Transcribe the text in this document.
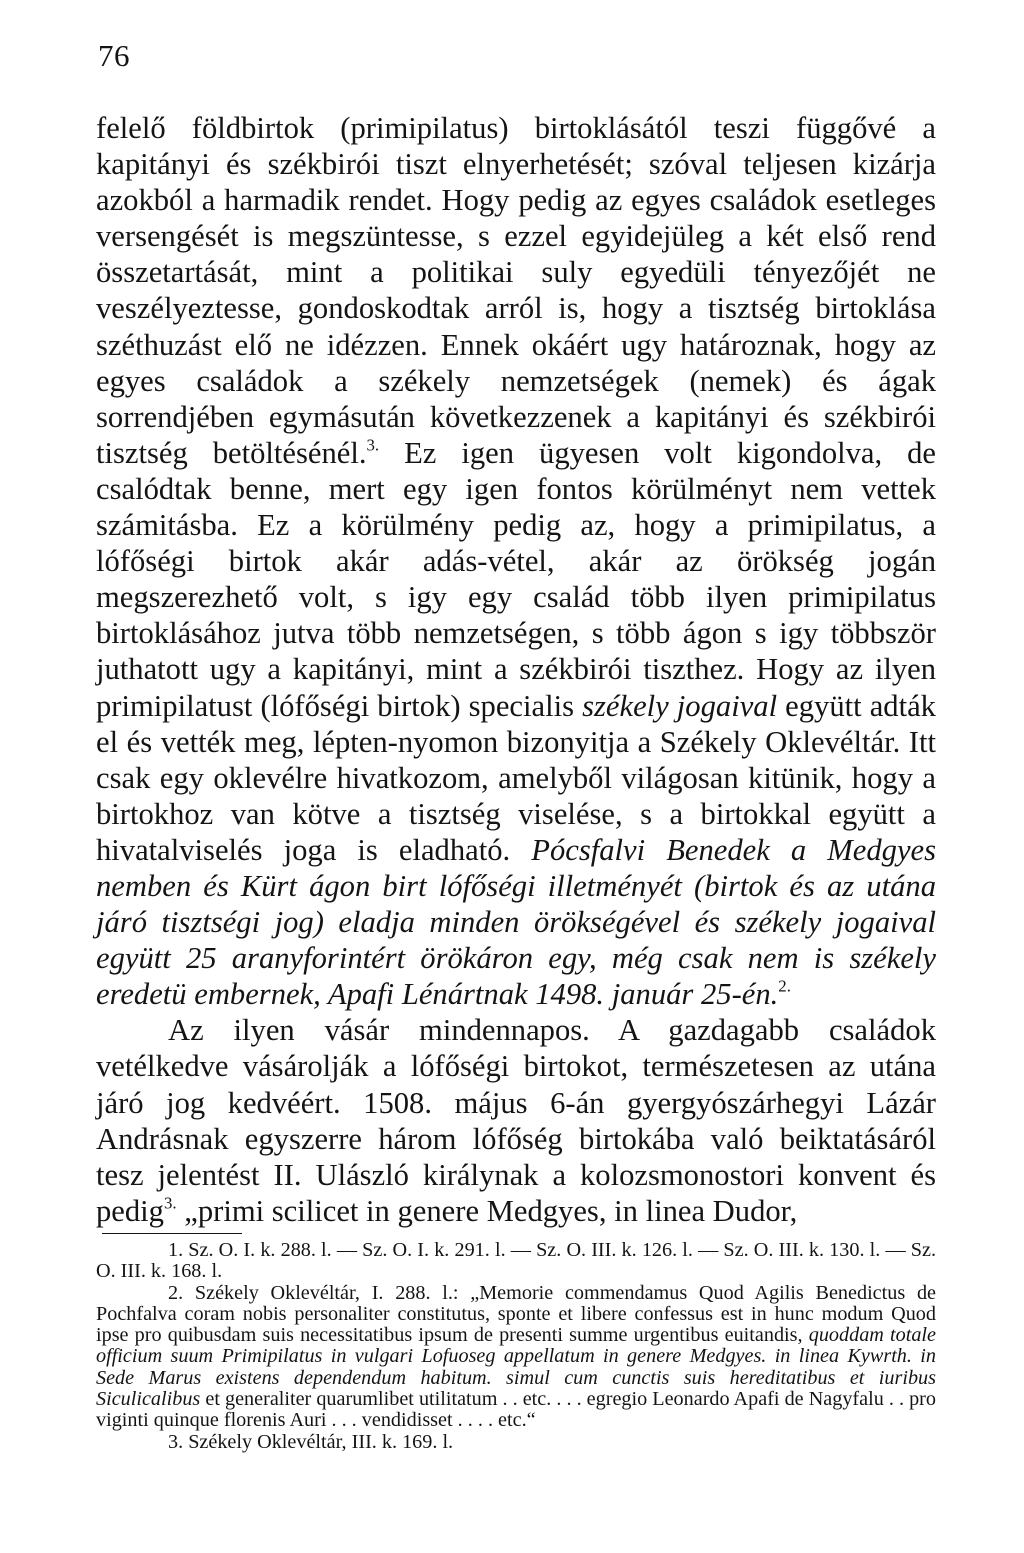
76

felelő földbirtok (primipilatus) birtoklásától teszi függővé a kapitányi és székbirói tiszt elnyerhetését; szóval teljesen kizárja azokból a harmadik rendet. Hogy pedig az egyes családok esetleges versengését is megszüntesse, s ezzel egyidejüleg a két első rend összetartását, mint a politikai suly egyedüli tényezőjét ne veszélyeztesse, gondoskodtak arról is, hogy a tisztség birtoklása széthuzást elő ne idézzen. Ennek okáért ugy határoznak, hogy az egyes családok a székely nemzetségek (nemek) és ágak sorrendjében egymásután következzenek a kapitányi és székbirói tisztség betöltésénél.$^{3.}$ Ez igen ügyesen volt kigondolva, de csalódtak benne, mert egy igen fontos körülményt nem vettek számitásba. Ez a körülmény pedig az, hogy a primipilatus, a lófőségi birtok akár adás-vétel, akár az örökség jogán megszerezhető volt, s igy egy család több ilyen primipilatus birtoklásához jutva több nemzetségen, s több ágon s igy többször juthatott ugy a kapitányi, mint a székbirói tiszthez. Hogy az ilyen primipilatust (lófőségi birtok) specialis székely jogaival együtt adták el és vették meg, lépten-nyomon bizonyitja a Székely Oklevéltár. Itt csak egy oklevélre hivatkozom, amelyből világosan kitünik, hogy a birtokhoz van kötve a tisztség viselése, s a birtokkal együtt a hivatalviselés joga is eladható. Pócsfalvi Benedek a Medgyes nemben és Kürt ágon birt lófőségi illetményét (birtok és az utána járó tisztségi jog) eladja minden örökségével és székely jogaival együtt 25 aranyforintért örökáron egy, még csak nem is székely eredetü embernek, Apafi Lénártnak 1498. január 25-én.$^{2.}$

Az ilyen vásár mindennapos. A gazdagabb családok vetélkedve vásárolják a lófőségi birtokot, természetesen az utána járó jog kedvéért. 1508. május 6-án gyergyószárhegyi Lázár Andrásnak egyszerre három lófőség birtokába való beiktatásáról tesz jelentést II. Ulászló királynak a kolozsmonostori konvent és pedig$^{3.}$ „primi scilicet in genere Medgyes, in linea Dudor,

1. Sz. O. I. k. 288. l. — Sz. O. I. k. 291. l. — Sz. O. III. k. 126. l. — Sz. O. III. k. 130. l. — Sz. O. III. k. 168. l.

2. Székely Oklevéltár, I. 288. l.: „Memorie commendamus Quod Agilis Benedictus de Pochfalva coram nobis personaliter constitutus, sponte et libere confessus est in hunc modum Quod ipse pro quibusdam suis necessitatibus ipsum de presenti summe urgentibus euitandis, quoddam totale officium suum Primipilatus in vulgari Lofuoseg appellatum in genere Medgyes. in linea Kywrth. in Sede Marus existens dependendum habitum. simul cum cunctis suis hereditatibus et iuribus Siculicalibus et generaliter quarumlibet utilitatum . . etc. . . . egregio Leonardo Apafi de Nagyfalu . . pro viginti quinque florenis Auri . . . vendidisset . . . . etc.“

3. Székely Oklevéltár, III. k. 169. l.
